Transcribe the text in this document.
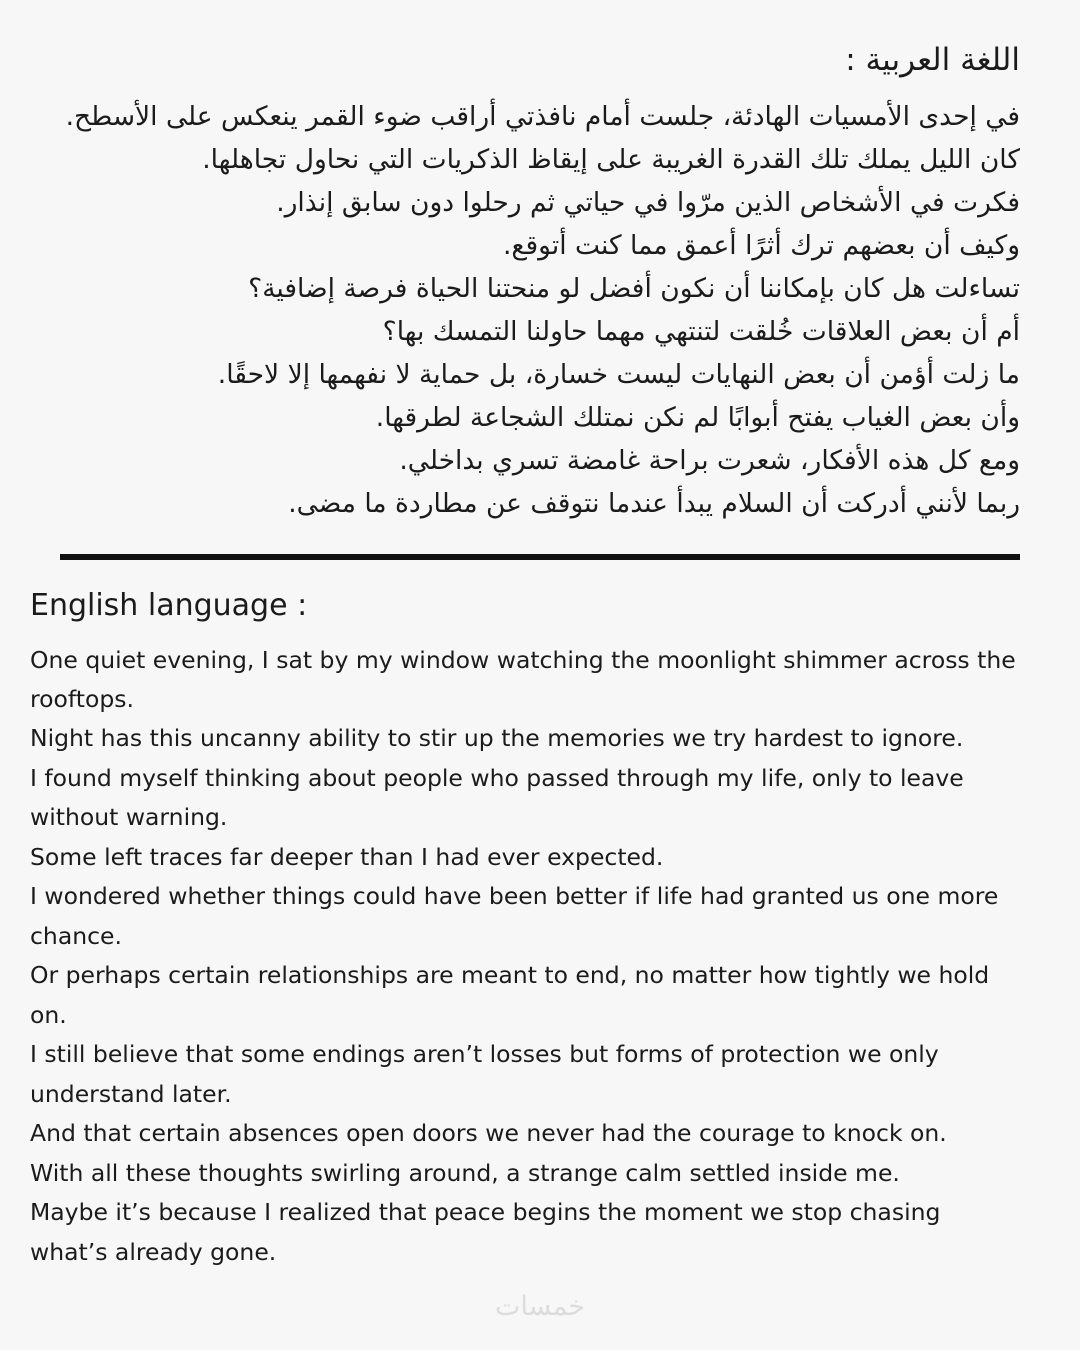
اللغة العربية :
في إحدى الأمسيات الهادئة، جلست أمام نافذتي أراقب ضوء القمر ينعكس على الأسطح.
كان الليل يملك تلك القدرة الغريبة على إيقاظ الذكريات التي نحاول تجاهلها.
فكرت في الأشخاص الذين مرّوا في حياتي ثم رحلوا دون سابق إنذار.
وكيف أن بعضهم ترك أثرًا أعمق مما كنت أتوقع.
تساءلت هل كان بإمكاننا أن نكون أفضل لو منحتنا الحياة فرصة إضافية؟
أم أن بعض العلاقات خُلقت لتنتهي مهما حاولنا التمسك بها؟
ما زلت أؤمن أن بعض النهايات ليست خسارة، بل حماية لا نفهمها إلا لاحقًا.
وأن بعض الغياب يفتح أبوابًا لم نكن نمتلك الشجاعة لطرقها.
ومع كل هذه الأفكار، شعرت براحة غامضة تسري بداخلي.
ربما لأنني أدركت أن السلام يبدأ عندما نتوقف عن مطاردة ما مضى.
English language :
One quiet evening, I sat by my window watching the moonlight shimmer across the rooftops.
Night has this uncanny ability to stir up the memories we try hardest to ignore.
I found myself thinking about people who passed through my life, only to leave without warning.
Some left traces far deeper than I had ever expected.
I wondered whether things could have been better if life had granted us one more chance.
Or perhaps certain relationships are meant to end, no matter how tightly we hold on.
I still believe that some endings aren’t losses but forms of protection we only understand later.
And that certain absences open doors we never had the courage to knock on.
With all these thoughts swirling around, a strange calm settled inside me.
Maybe it’s because I realized that peace begins the moment we stop chasing what’s already gone.
خمسات
